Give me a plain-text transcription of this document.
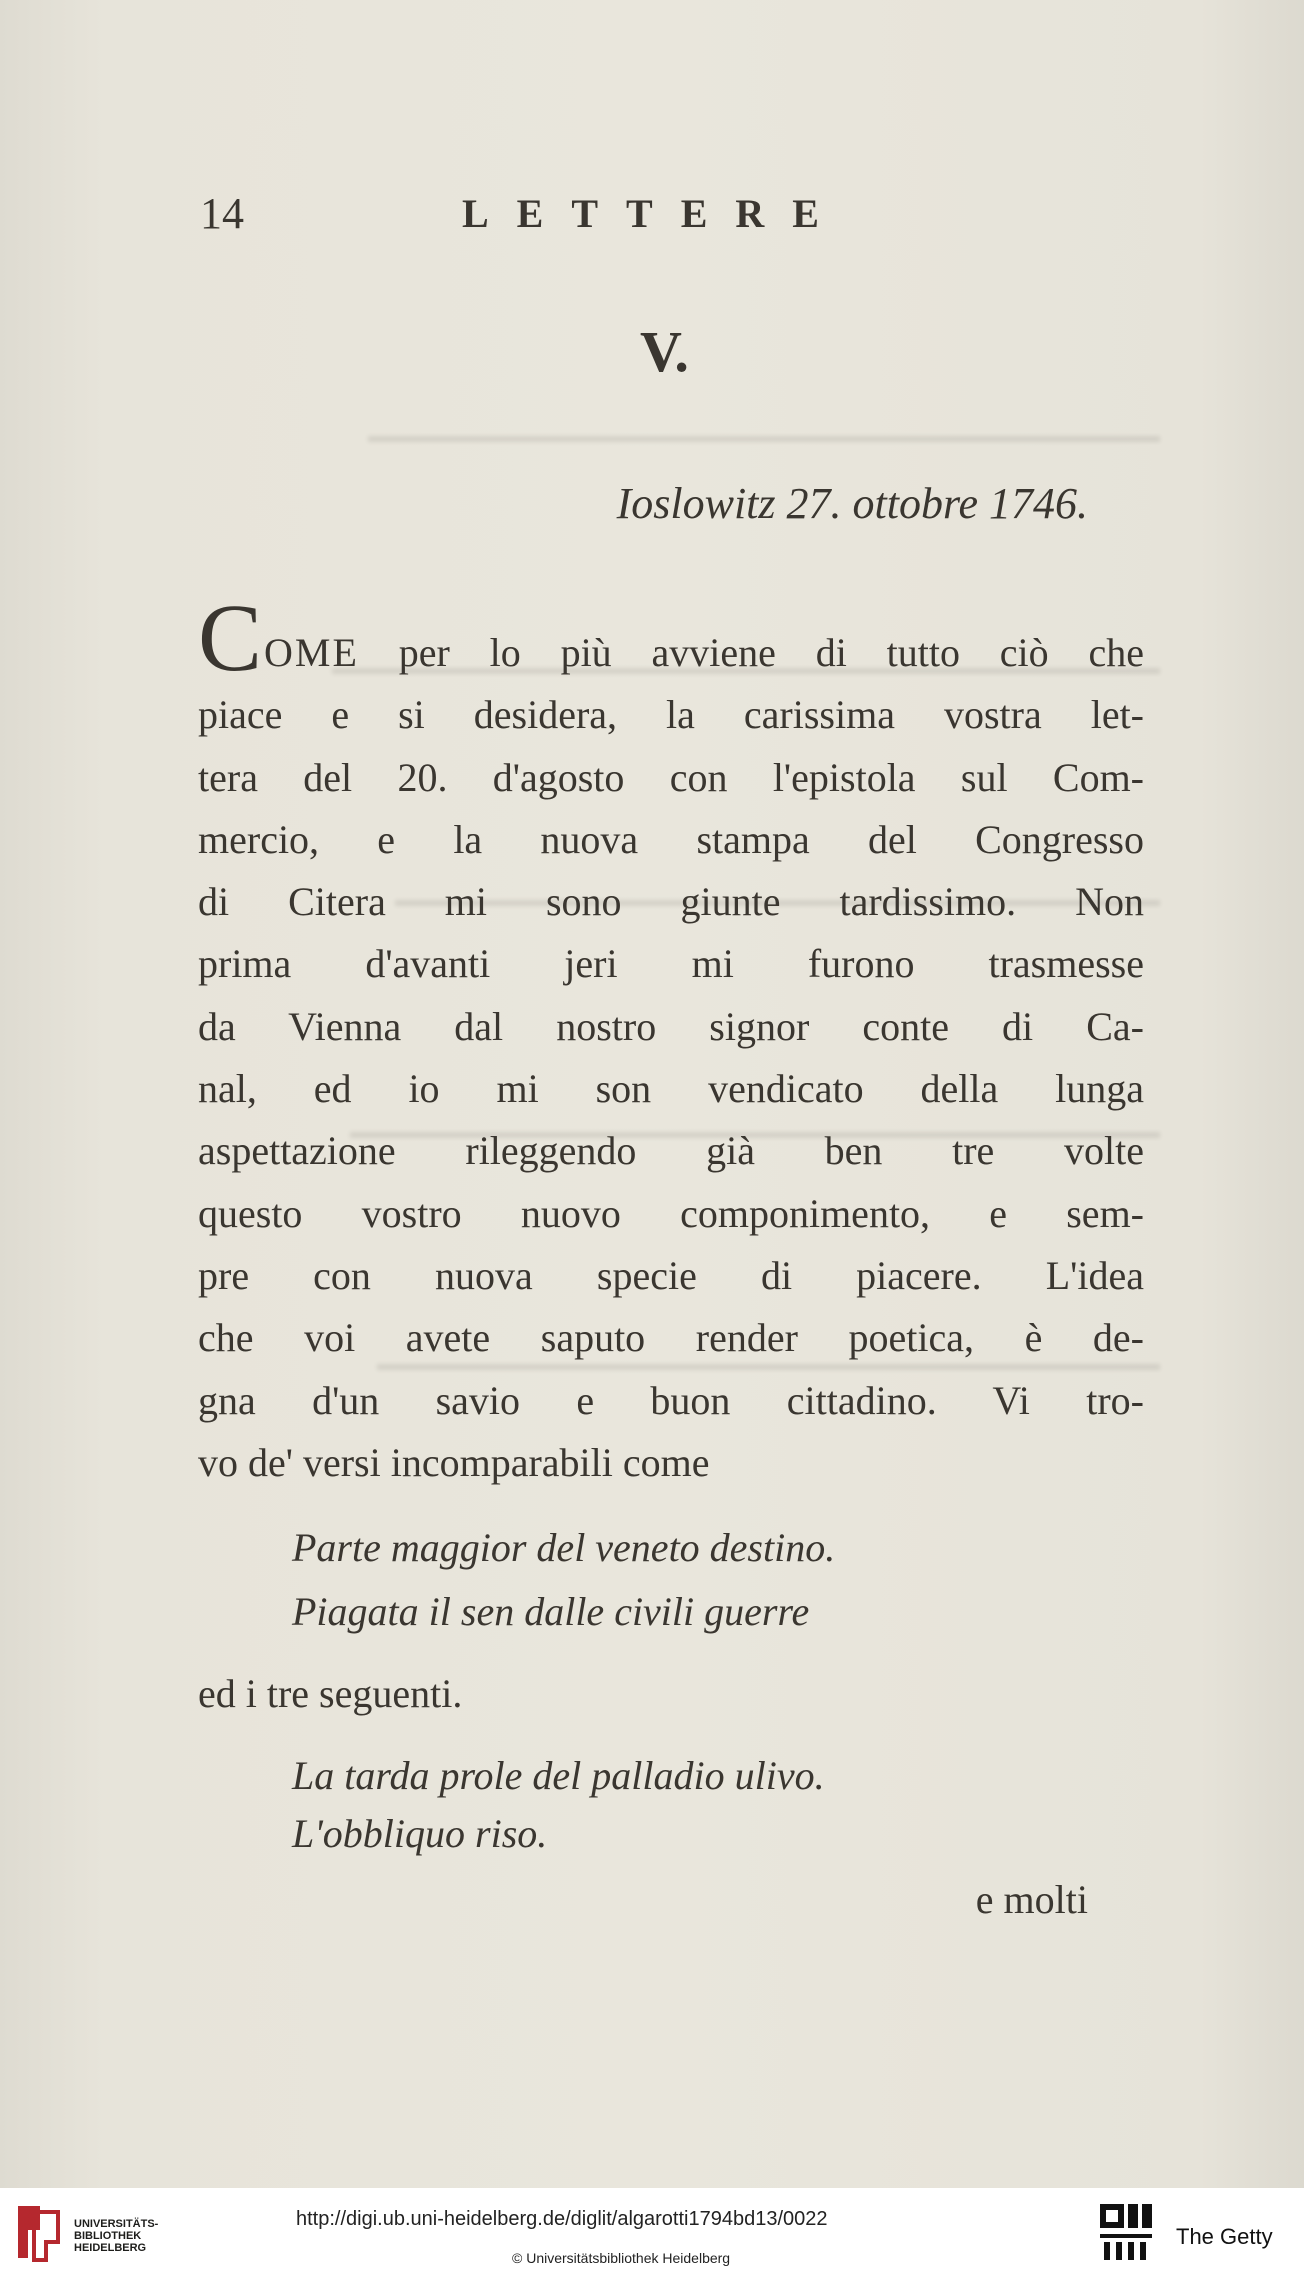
14	LETTERE
V.
Ioslowitz 27. ottobre 1746.
COME per lo più avviene di tutto ciò che
piace e si desidera, la carissima vostra let-
tera del 20. d'agosto con l'epistola sul Com-
mercio, e la nuova stampa del Congresso
di Citera mi sono giunte tardissimo. Non
prima d'avanti jeri mi furono trasmesse
da Vienna dal nostro signor conte di Ca-
nal, ed io mi son vendicato della lunga
aspettazione rileggendo già ben tre volte
questo vostro nuovo componimento, e sem-
pre con nuova specie di piacere. L'idea
che voi avete saputo render poetica, è de-
gna d'un savio e buon cittadino. Vi tro-
vo de' versi incomparabili come
Parte maggior del veneto destino.
Piagata il sen dalle civili guerre
ed i tre seguenti.
La tarda prole del palladio ulivo.
L'obbliquo riso.
e molti
UNIVERSITÄTS-
BIBLIOTHEK
HEIDELBERG
http://digi.ub.uni-heidelberg.de/diglit/algarotti1794bd13/0022
© Universitätsbibliothek Heidelberg
The Getty
